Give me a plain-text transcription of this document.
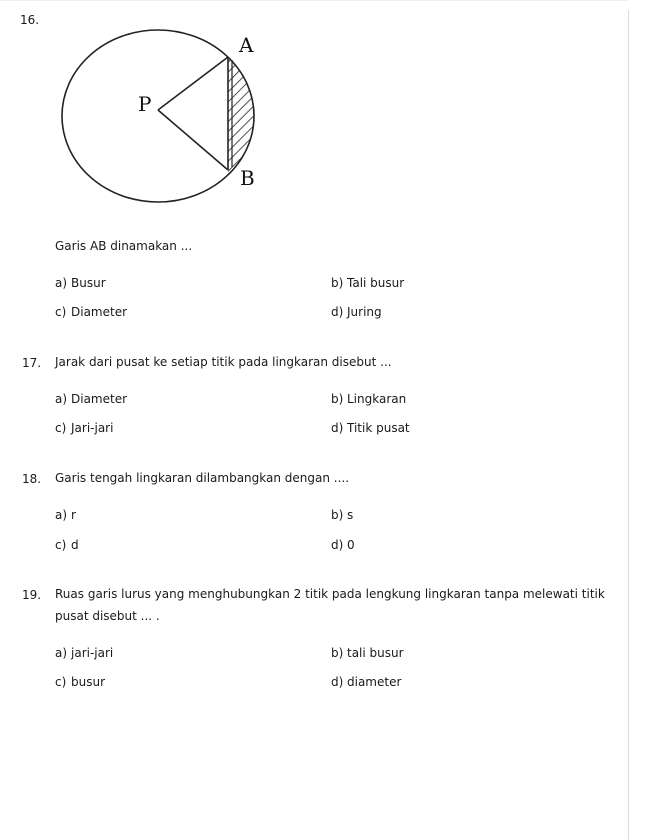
16.
A
P
B
Garis AB dinamakan ...
a) Busur	b) Tali busur
c) Diameter	d) Juring
17. Jarak dari pusat ke setiap titik pada lingkaran disebut ...
a) Diameter	b) Lingkaran
c) Jari-jari	d) Titik pusat
18. Garis tengah lingkaran dilambangkan dengan ....
a) r	b) s
c) d	d) 0
19. Ruas garis lurus yang menghubungkan 2 titik pada lengkung lingkaran tanpa melewati titik
pusat disebut ... .
a) jari-jari	b) tali busur
c) busur	d) diameter
